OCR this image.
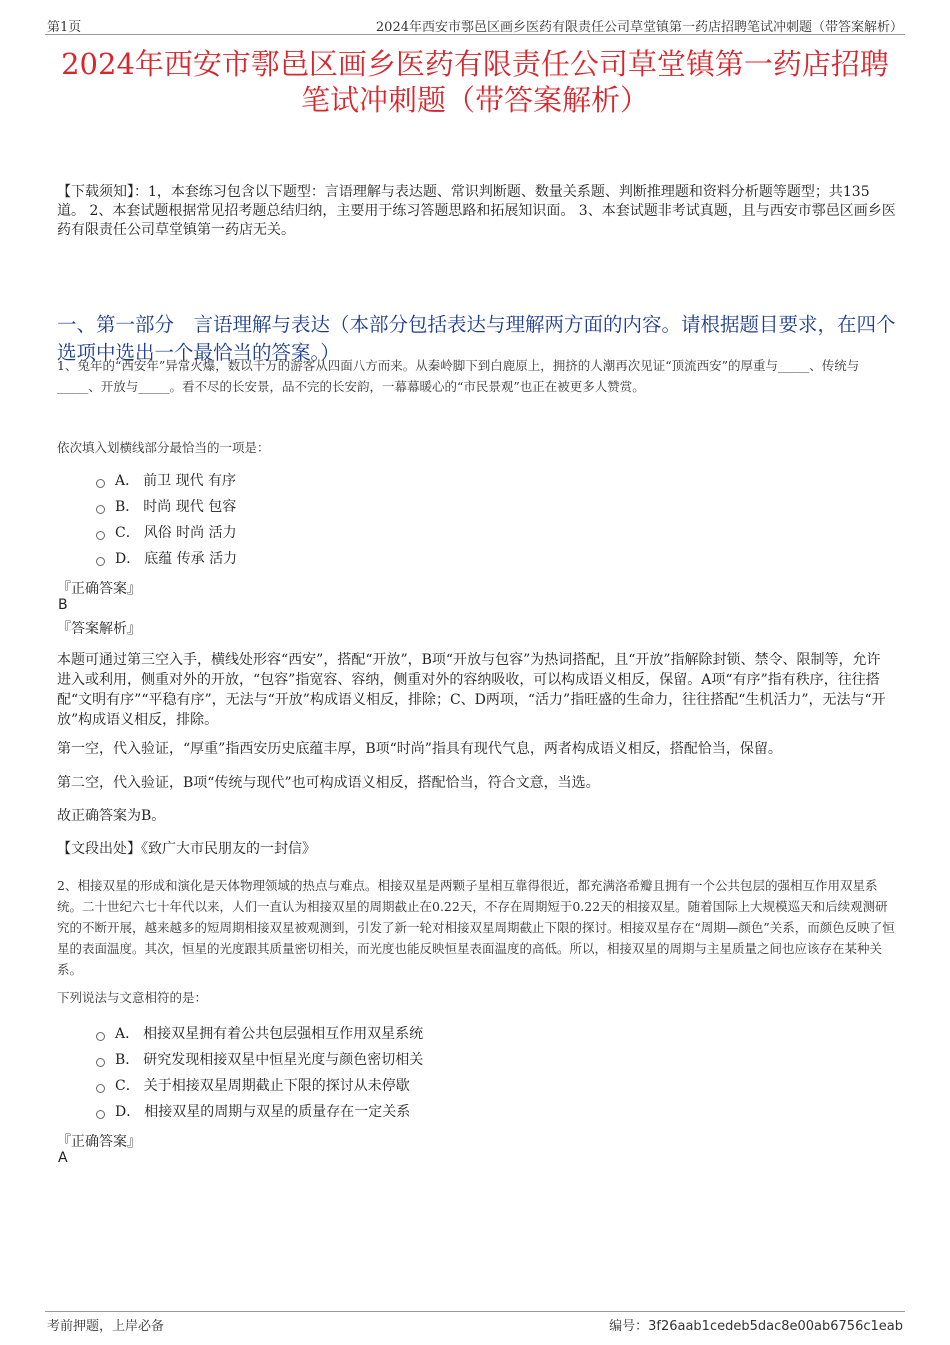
第1页	2024年西安市鄠邑区画乡医药有限责任公司草堂镇第一药店招聘笔试冲刺题（带答案解析）
2024年西安市鄠邑区画乡医药有限责任公司草堂镇第一药店招聘笔试冲刺题（带答案解析）

【下载须知】：1，本套练习包含以下题型：言语理解与表达题、常识判断题、数量关系题、判断推理题和资料分析题等题型；共135道。 2、本套试题根据常见招考题总结归纳，主要用于练习答题思路和拓展知识面。 3、本套试题非考试真题，且与西安市鄠邑区画乡医药有限责任公司草堂镇第一药店无关。

一、第一部分　言语理解与表达（本部分包括表达与理解两方面的内容。请根据题目要求，在四个选项中选出一个最恰当的答案。）

1、兔年的“西安年”异常火爆，数以千万的游客从四面八方而来。从秦岭脚下到白鹿原上，拥挤的人潮再次见证“顶流西安”的厚重与_____、传统与_____、开放与_____。看不尽的长安景，品不完的长安韵，一幕幕暖心的“市民景观”也正在被更多人赞赏。

依次填入划横线部分最恰当的一项是：

A． 前卫 现代 有序
B． 时尚 现代 包容
C． 风俗 时尚 活力
D． 底蕴 传承 活力

『正确答案』

B

『答案解析』

本题可通过第三空入手，横线处形容“西安”，搭配“开放”，B项“开放与包容”为热词搭配，且“开放”指解除封锁、禁令、限制等，允许进入或利用，侧重对外的开放，“包容”指宽容、容纳，侧重对外的容纳吸收，可以构成语义相反，保留。A项“有序”指有秩序，往往搭配“文明有序”“平稳有序”，无法与“开放”构成语义相反，排除；C、D两项，“活力”指旺盛的生命力，往往搭配“生机活力”，无法与“开放”构成语义相反，排除。

第一空，代入验证，“厚重”指西安历史底蕴丰厚，B项“时尚”指具有现代气息，两者构成语义相反，搭配恰当，保留。

第二空，代入验证，B项“传统与现代”也可构成语义相反，搭配恰当，符合文意，当选。

故正确答案为B。

【文段出处】《致广大市民朋友的一封信》

2、相接双星的形成和演化是天体物理领域的热点与难点。相接双星是两颗子星相互靠得很近，都充满洛希瓣且拥有一个公共包层的强相互作用双星系统。二十世纪六七十年代以来，人们一直认为相接双星的周期截止在0.22天，不存在周期短于0.22天的相接双星。随着国际上大规模巡天和后续观测研究的不断开展，越来越多的短周期相接双星被观测到，引发了新一轮对相接双星周期截止下限的探讨。相接双星存在“周期—颜色”关系，而颜色反映了恒星的表面温度。其次，恒星的光度跟其质量密切相关，而光度也能反映恒星表面温度的高低。所以，相接双星的周期与主星质量之间也应该存在某种关系。

下列说法与文意相符的是：

A． 相接双星拥有着公共包层强相互作用双星系统
B． 研究发现相接双星中恒星光度与颜色密切相关
C． 关于相接双星周期截止下限的探讨从未停歇
D． 相接双星的周期与双星的质量存在一定关系

『正确答案』

A

考前押题，上岸必备	编号：3f26aab1cedeb5dac8e00ab6756c1eab
